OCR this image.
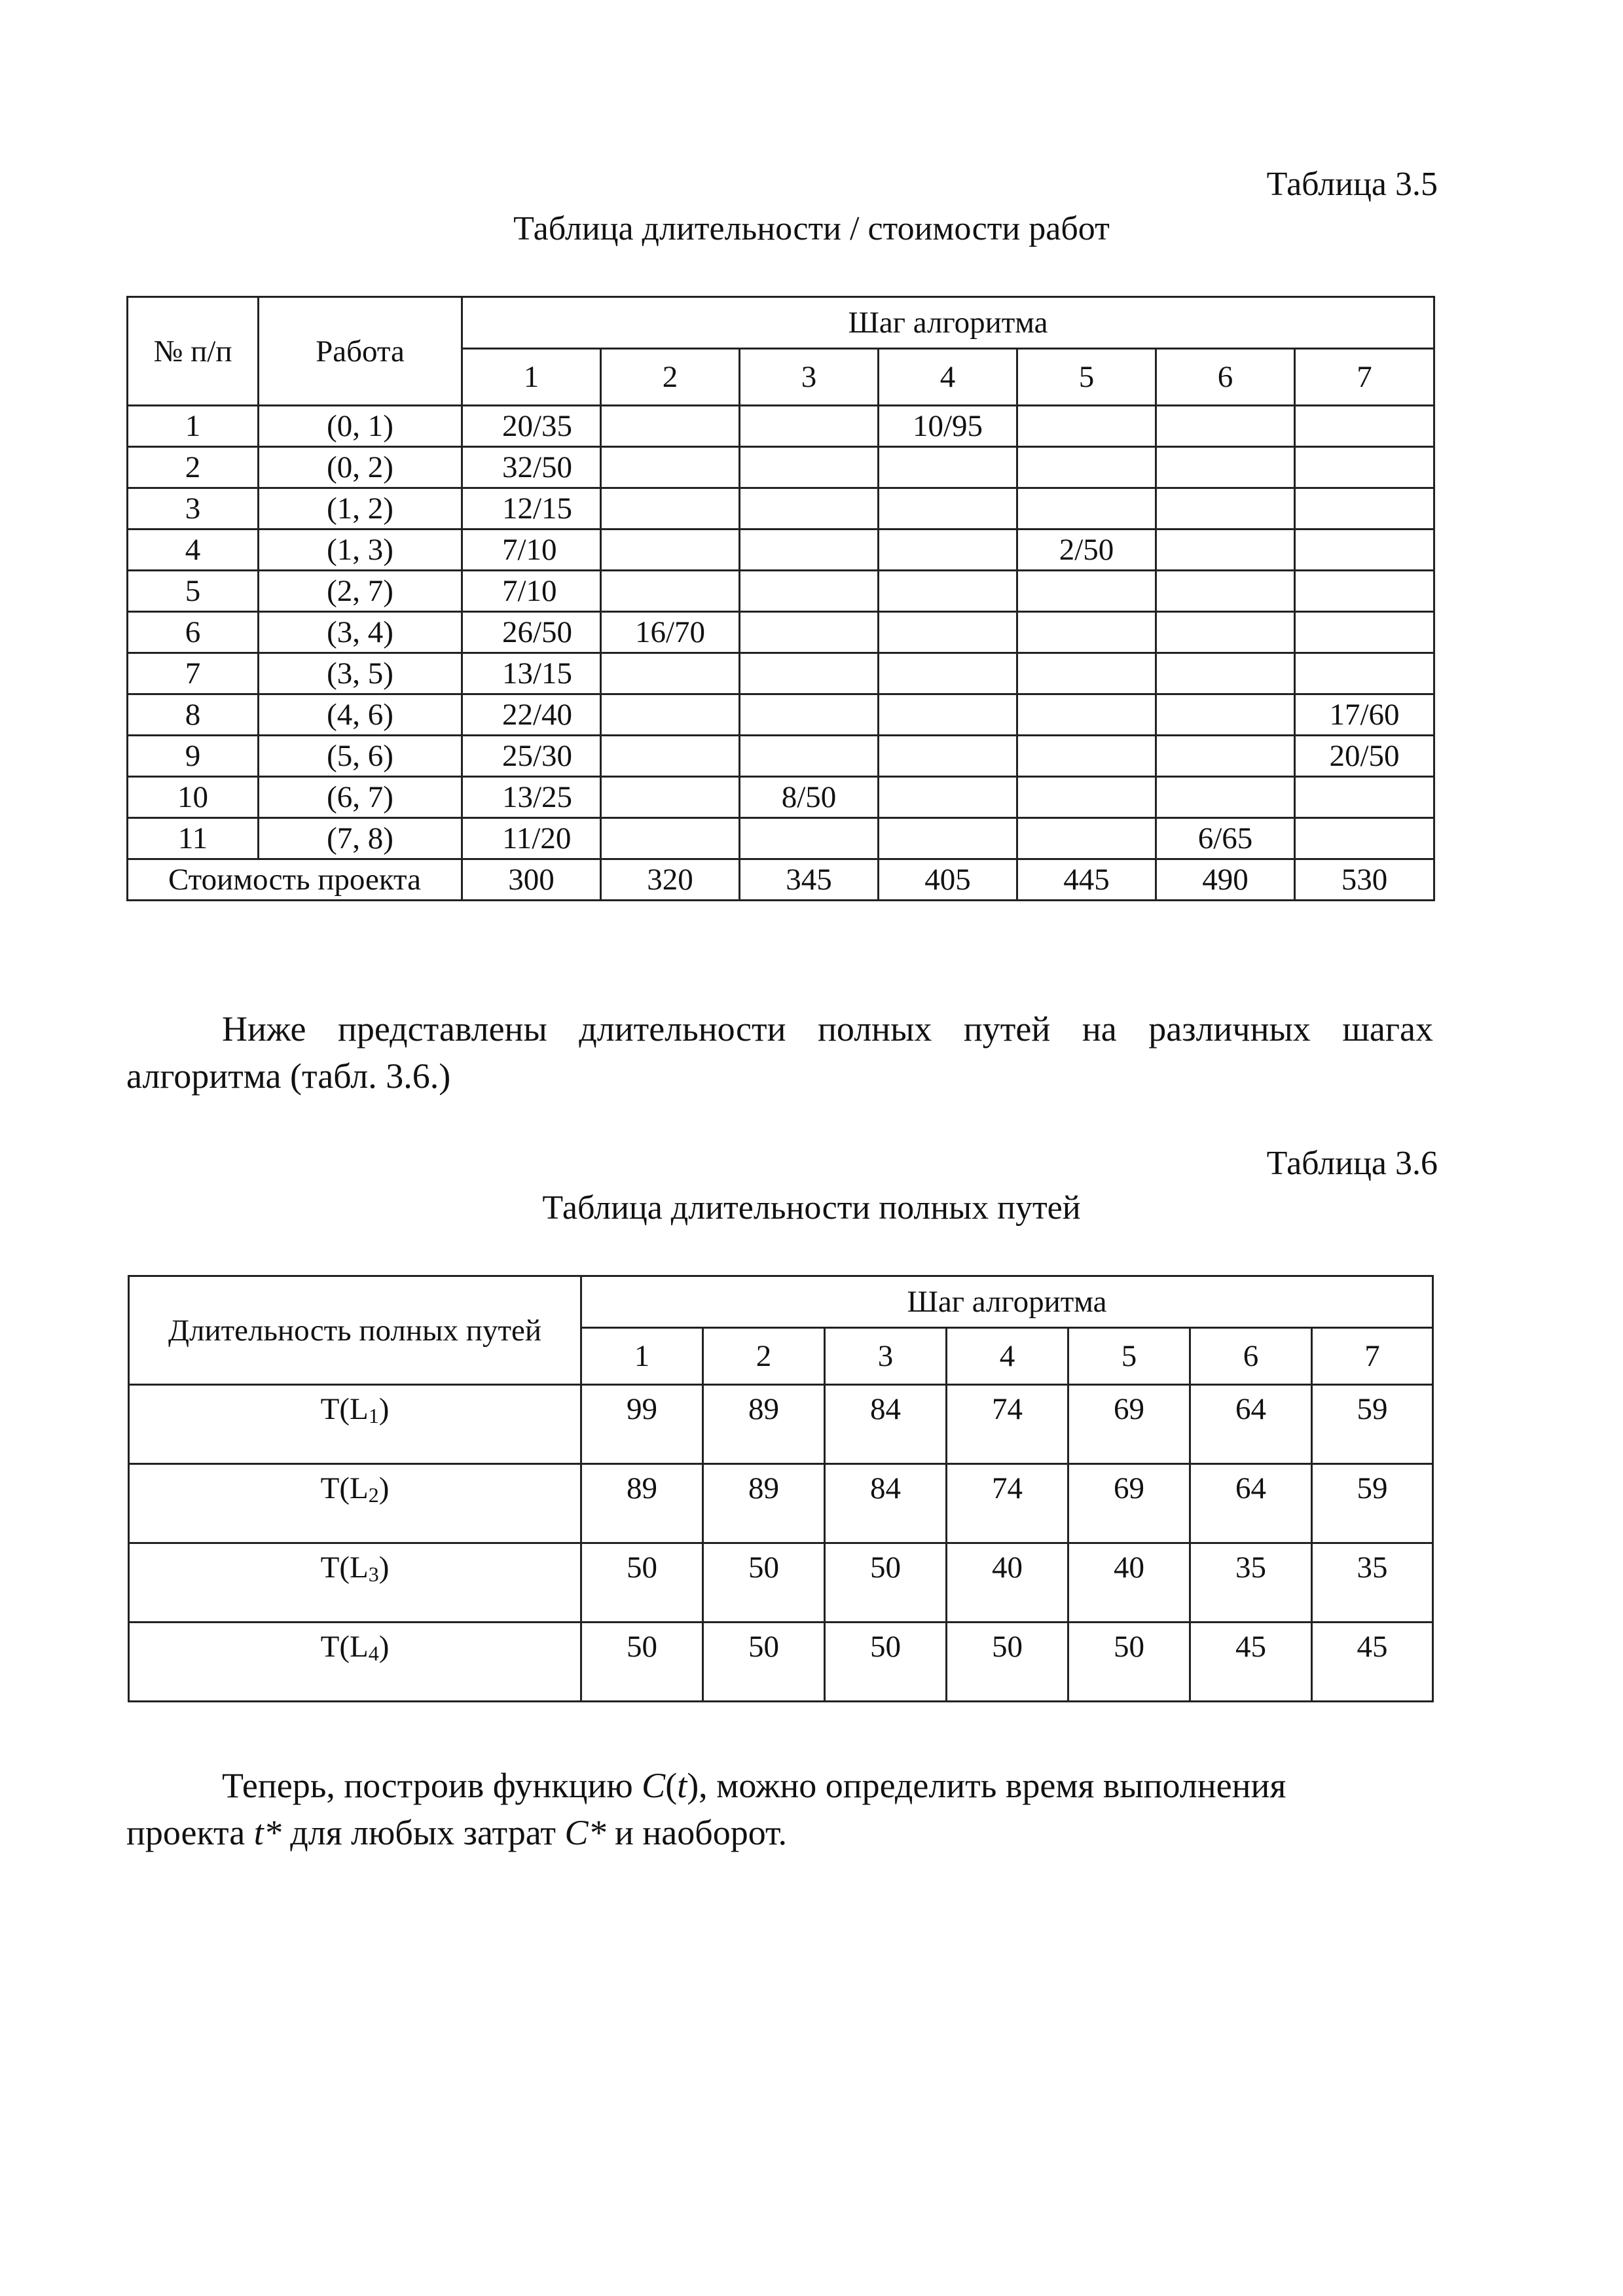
Таблица 3.5
Таблица длительности / стоимости работ
№ п/п	Работа	Шаг алгоритма						
		1	2	3	4	5	6	7
1	(0, 1)	20/35			10/95			
2	(0, 2)	32/50						
3	(1, 2)	12/15						
4	(1, 3)	7/10				2/50		
5	(2, 7)	7/10						
6	(3, 4)	26/50	16/70					
7	(3, 5)	13/15						
8	(4, 6)	22/40						17/60
9	(5, 6)	25/30						20/50
10	(6, 7)	13/25		8/50				
11	(7, 8)	11/20					6/65	
Стоимость проекта		300	320	345	405	445	490	530
Ниже представлены длительности полных путей на различных шагах
алгоритма (табл. 3.6.)
Таблица 3.6
Таблица длительности полных путей
Длительность полных путей	Шаг алгоритма						
	1	2	3	4	5	6	7
$T(L_1)$	99	89	84	74	69	64	59
$T(L_2)$	89	89	84	74	69	64	59
$T(L_3)$	50	50	50	40	40	35	35
$T(L_4)$	50	50	50	50	50	45	45
Теперь, построив функцию C(t), можно определить время выполнения
проекта t* для любых затрат C* и наоборот.
